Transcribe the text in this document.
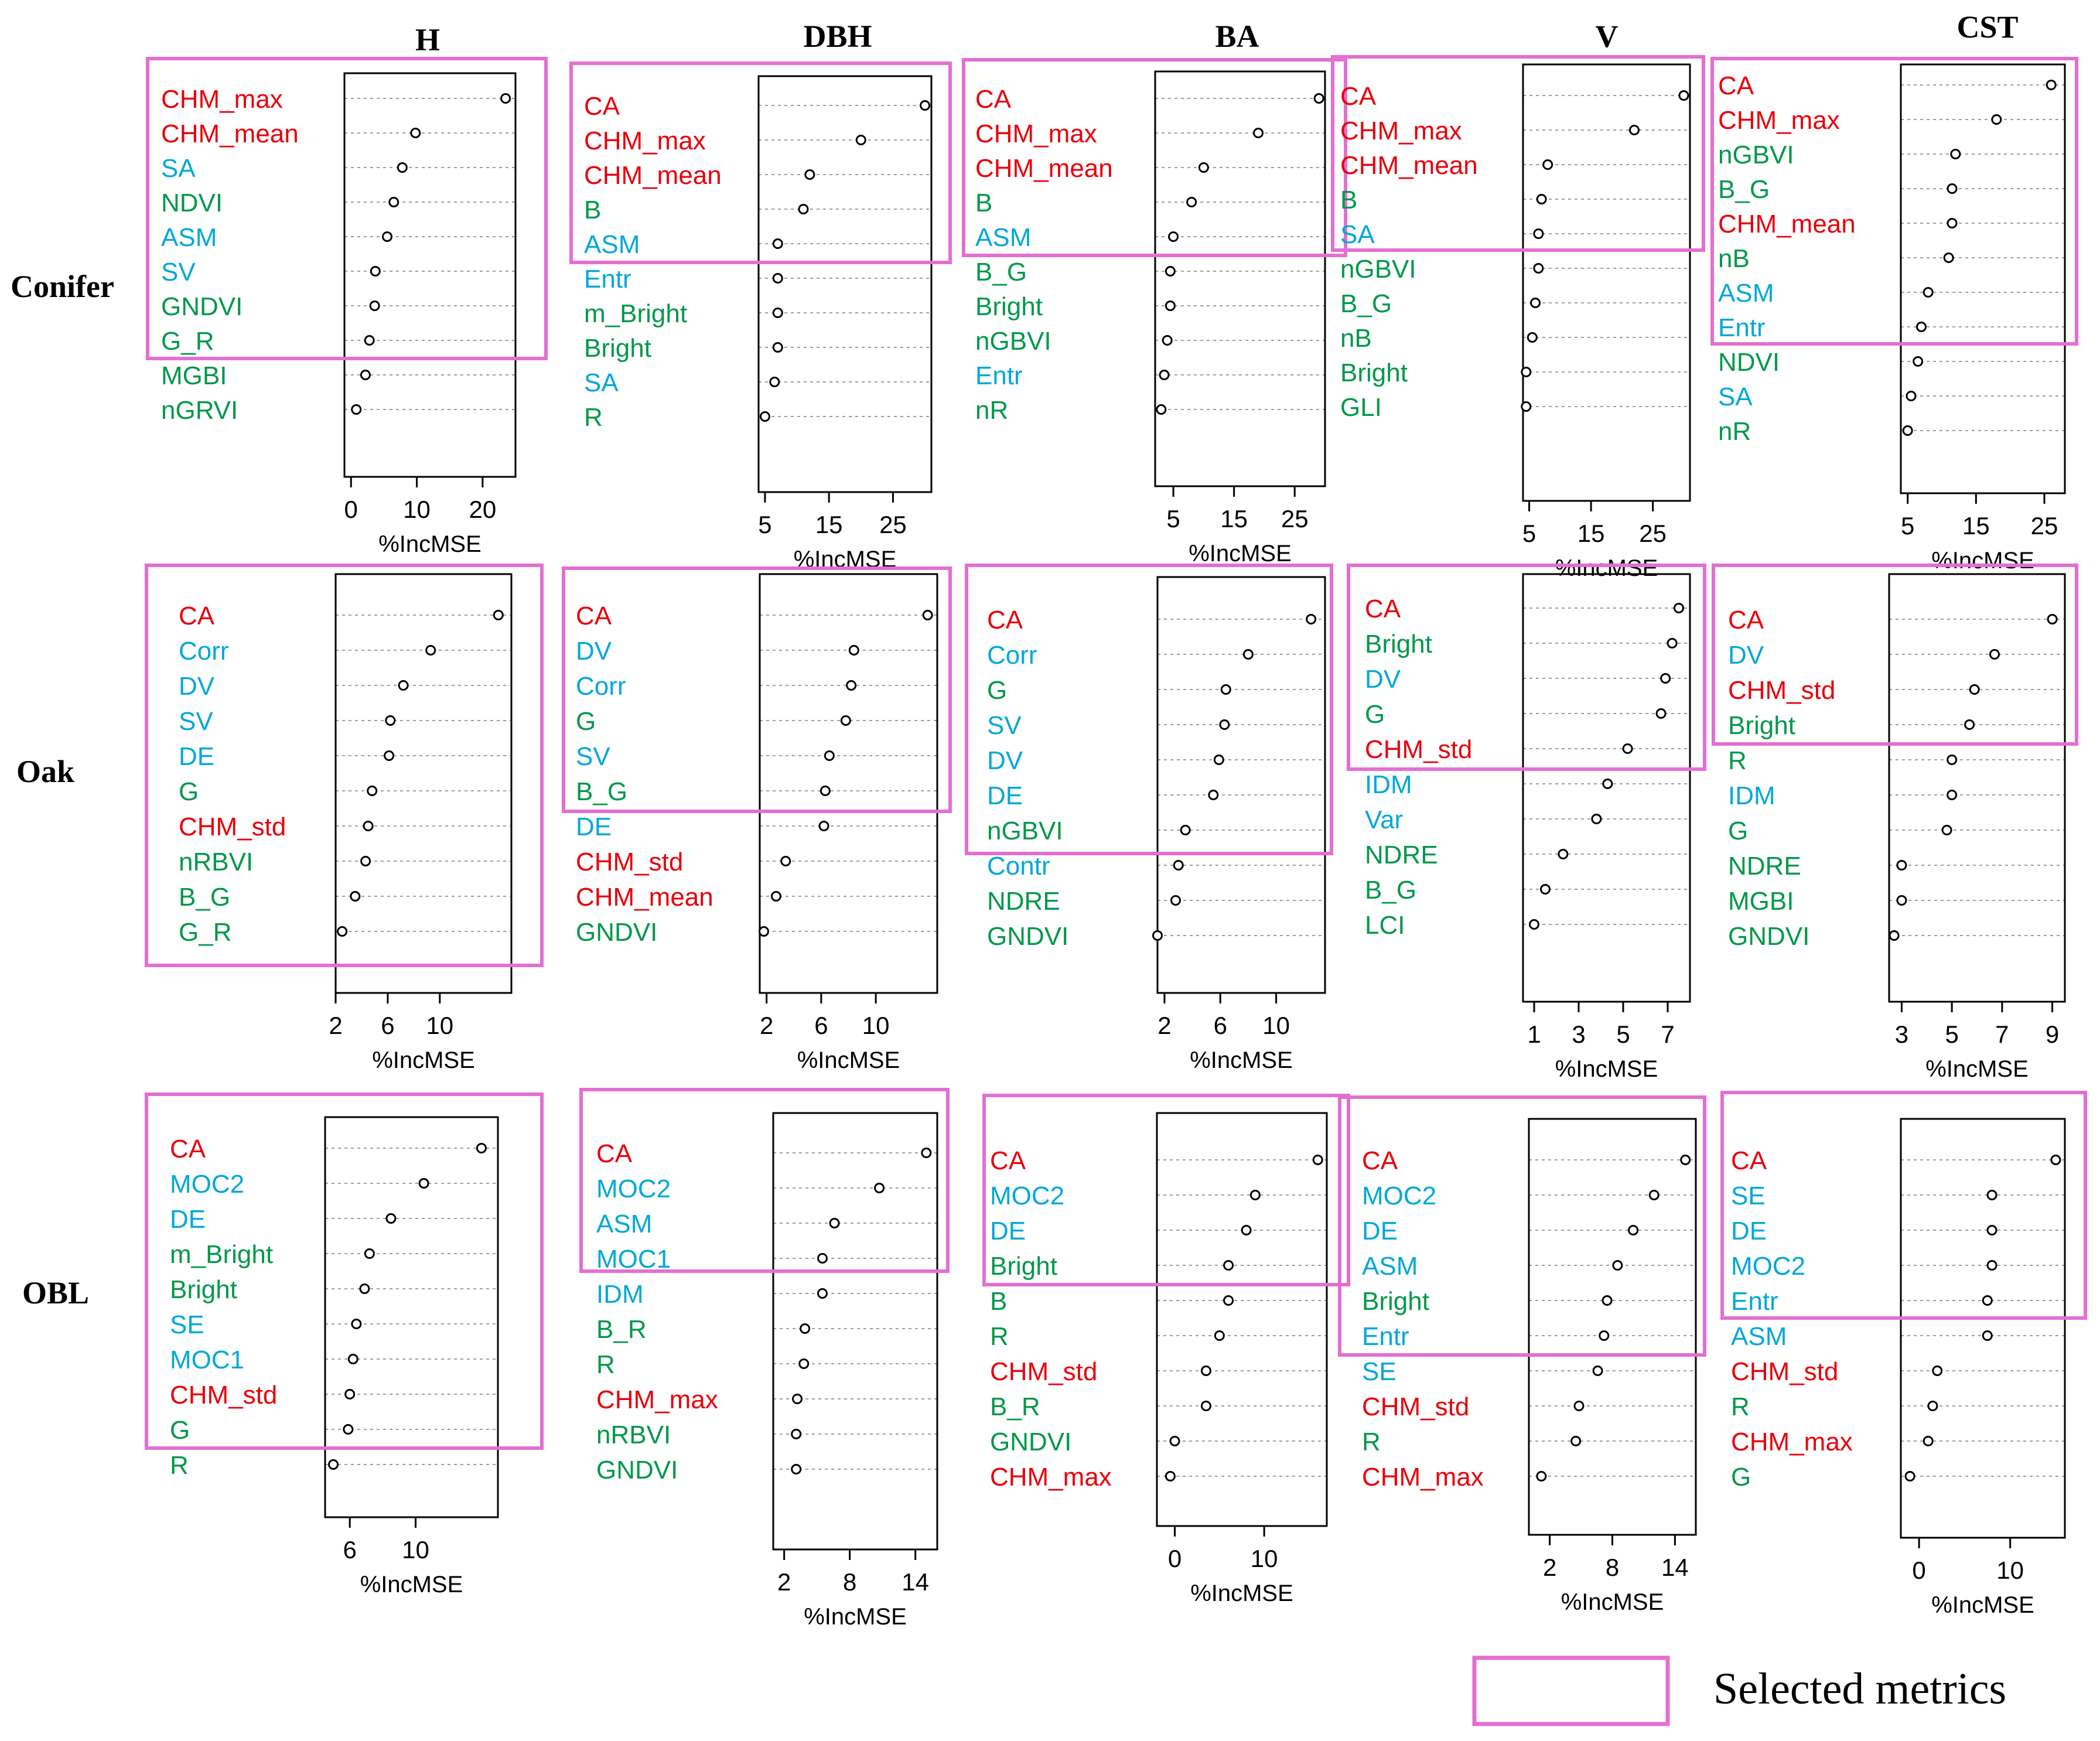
H	DBH	BA	V	CST
Conifer
Oak
OBL
CHM_max
CHM_mean
SA
NDVI
ASM
SV
GNDVI
G_R
MGBI
nGRVI
0 10 20
%IncMSE
CA
CHM_max
CHM_mean
B
ASM
Entr
m_Bright
Bright
SA
R
5 15 25
%IncMSE
CA
CHM_max
CHM_mean
B
ASM
B_G
Bright
nGBVI
Entr
nR
5 15 25
%IncMSE
CA
CHM_max
CHM_mean
B
SA
nGBVI
B_G
nB
Bright
GLI
5 15 25
%IncMSE
CA
CHM_max
nGBVI
B_G
CHM_mean
nB
ASM
Entr
NDVI
SA
nR
5 15 25
%IncMSE
CA
Corr
DV
SV
DE
G
CHM_std
nRBVI
B_G
G_R
2 6 10
%IncMSE
CA
DV
Corr
G
SV
B_G
DE
CHM_std
CHM_mean
GNDVI
2 6 10
%IncMSE
CA
Corr
G
SV
DV
DE
nGBVI
Contr
NDRE
GNDVI
2 6 10
%IncMSE
CA
Bright
DV
G
CHM_std
IDM
Var
NDRE
B_G
LCI
1 3 5 7
%IncMSE
CA
DV
CHM_std
Bright
R
IDM
G
NDRE
MGBI
GNDVI
3 5 7 9
%IncMSE
CA
MOC2
DE
m_Bright
Bright
SE
MOC1
CHM_std
G
R
6 10
%IncMSE
CA
MOC2
ASM
MOC1
IDM
B_R
R
CHM_max
nRBVI
GNDVI
2 8 14
%IncMSE
CA
MOC2
DE
Bright
B
R
CHM_std
B_R
GNDVI
CHM_max
0	10
%IncMSE
CA
MOC2
DE
ASM
Bright
Entr
SE
CHM_std
R
CHM_max
2 8 14
%IncMSE
CA
SE
DE
MOC2
Entr
ASM
CHM_std
R
CHM_max
G
0	10
%IncMSE
Selected metrics
